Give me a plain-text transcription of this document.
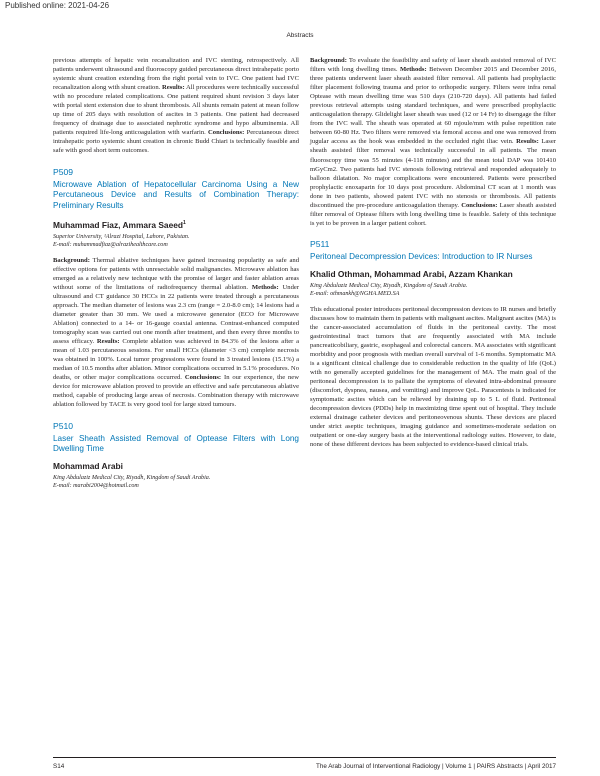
Published online: 2021-04-26
Abstracts

previous attempts of hepatic vein recanalization and IVC stenting, retrospectively. All patients underwent ultrasound and fluoroscopy guided percutaneous direct intrahepatic porto systemic shunt creation extending from the right portal vein to IVC. One patient had IVC recanalization along with shunt creation. Results: All procedures were technically successful with no procedure related complications. One patient required shunt revision 3 days later with portal stent extension due to shunt thrombosis. All shunts remain patent at mean follow up time of 205 days with resolution of ascites in 3 patients. One patient had decreased frequency of drainage due to associated nephrotic syndrome and hypo albuminemia. All patients required life-long anticoagulation with warfarin. Conclusions: Percutaneous direct intrahepatic porto systemic shunt creation in chronic Budd Chiari is technically feasible and safe with good short term outcomes.

P509
Microwave Ablation of Hepatocellular Carcinoma Using a New Percutaneous Device and Results of Combination Therapy: Preliminary Results
Muhammad Fiaz, Ammara Saeed$^1$
Superior University, ¹Alrazi Hospital, Lahore, Pakistan.
E-mail: muhammadfiaz@alrazihealthcare.com

Background: Thermal ablative techniques have gained increasing popularity as safe and effective options for patients with unresectable solid malignancies. Microwave ablation has emerged as a relatively new technique with the promise of larger and faster ablation areas without some of the limitations of radiofrequency thermal ablation. Methods: Under ultrasound and CT guidance 30 HCCs in 22 patients were treated through a percutaneous approach. The median diameter of lesions was 2.3 cm (range = 2.0-8.0 cm); 14 lesions had a diameter greater than 30 mm. We used a microwave generator (ECO for Microwave Ablation) connected to a 14- or 16-gauge coaxial antenna. Contrast-enhanced computed tomography scan was carried out one month after treatment, and then every three months to assess efficacy. Results: Complete ablation was achieved in 84.3% of the lesions after a mean of 1.03 percutaneous sessions. For small HCCs (diameter <3 cm) complete necrosis was obtained in 100%. Local tumor progressions were found in 3 treated lesions (15.1%) a median of 10.5 months after ablation. Minor complications occurred in 5.1% procedures. No deaths, or other major complications occurred. Conclusions: In our experience, the new device for microwave ablation proved to provide an effective and safe percutaneous ablative method, capable of producing large areas of necrosis. Combination therapy with microwave ablation followed by TACE is very good tool for large sized tumours.

P510
Laser Sheath Assisted Removal of Optease Filters with Long Dwelling Time
Mohammad Arabi
King Abdulaziz Medical City, Riyadh, Kingdom of Saudi Arabia.
E-mail: marabi2004@hotmail.com

Background: To evaluate the feasibility and safety of laser sheath assisted removal of IVC filters with long dwelling times. Methods: Between December 2015 and December 2016, three patients underwent laser sheath assisted filter removal. All patients had prophylactic filter placement following trauma and prior to orthopedic surgery. Filters were infra renal Optease with mean dwelling time was 510 days (210-720 days). All patients had failed previous retrieval attempts using standard techniques, and were prescribed prophylactic anticoagulation therapy. Glidelight laser sheath was used (12 or 14 Fr) to disengage the filter from the IVC wall. The sheath was operated at 60 mjoule/mm with pulse repetition rate between 60-80 Hz. Two filters were removed via femoral access and one was removed from jugular access as the hook was embedded in the occluded right iliac vein. Results: Laser sheath assisted filter removal was technically successful in all patients. The mean fluoroscopy time was 55 minutes (4-118 minutes) and the mean total DAP was 101410 mGyCm2. Two patients had IVC stenosis following retrieval and responded adequately to balloon dilatation. No major complications were encountered. Patients were prescribed prophylactic enoxaparin for 10 days post procedure. Abdominal CT scan at 1 month was done in two patients, showed patent IVC with no stenosis or thrombosis. All patients discontinued the pre-procedure anticoagulation therapy. Conclusions: Laser sheath assisted filter removal of Optease filters with long dwelling time is feasible. Safety of this technique is yet to be proven in a larger patient cohort.

P511
Peritoneal Decompression Devices: Introduction to IR Nurses
Khalid Othman, Mohammad Arabi, Azzam Khankan
King Abdulaziz Medical City, Riyadh, Kingdom of Saudi Arabia.
E-mail: othmankh@NGHA.MED.SA

This educational poster introduces peritoneal decompression devices to IR nurses and briefly discusses how to maintain them in patients with malignant ascites. Malignant ascites (MA) is the cancer-associated accumulation of fluids in the peritoneal cavity. The most gastrointestinal tract tumors that are frequently associated with MA include pancreaticobiliary, gastric, esophageal and colorectal cancers. MA associates with significant morbidity and poor prognosis with median overall survival of 1-6 months. Symptomatic MA is a significant clinical challenge due to considerable reduction in the quality of life (QoL) with no generally accepted guidelines for the management of MA. The main goal of the peritoneal decompression is to palliate the symptoms of elevated intra-abdominal pressure (discomfort, dyspnea, nausea, and vomiting) and improve QoL. Paracentesis is indicated for symptomatic ascites which can be relieved by draining up to 5 L of fluid. Peritoneal decompression devices (PDDs) help in maximizing time spent out of hospital. They include external drainage catheter devices and peritoneovenous shunts. These devices are placed under strict aseptic techniques, imaging guidance and sometimes-moderate sedation on outpatient or one-day surgery basis at the interventional radiology suites. However, to date, none of these different devices has been subjected to evidence-based clinical trials.

S14	The Arab Journal of Interventional Radiology | Volume 1 | PAIRS Abstracts | April 2017
